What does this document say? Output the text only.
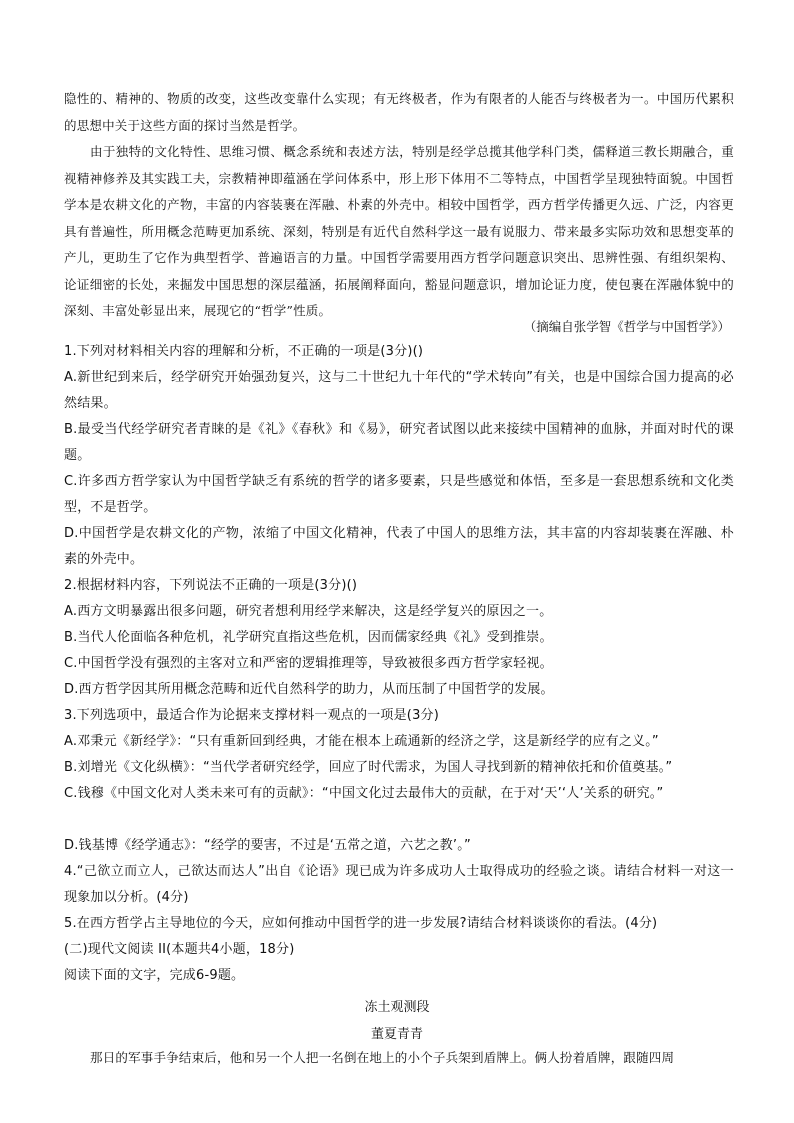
隐性的、精神的、物质的改变，这些改变靠什么实现；有无终极者，作为有限者的人能否与终极者为一。中国历代累积的思想中关于这些方面的探讨当然是哲学。

由于独特的文化特性、思维习惯、概念系统和表述方法，特别是经学总揽其他学科门类，儒释道三教长期融合，重视精神修养及其实践工夫，宗教精神即蕴涵在学问体系中，形上形下体用不二等特点，中国哲学呈现独特面貌。中国哲学本是农耕文化的产物，丰富的内容装裹在浑融、朴素的外壳中。相较中国哲学，西方哲学传播更久远、广泛，内容更具有普遍性，所用概念范畴更加系统、深刻，特别是有近代自然科学这一最有说服力、带来最多实际功效和思想变革的产儿，更助生了它作为典型哲学、普遍语言的力量。中国哲学需要用西方哲学问题意识突出、思辨性强、有组织架构、论证细密的长处，来掘发中国思想的深层蕴涵，拓展阐释面向，豁显问题意识，增加论证力度，使包裹在浑融体貌中的深刻、丰富处彰显出来，展现它的“哲学”性质。

（摘编自张学智《哲学与中国哲学》）

1.下列对材料相关内容的理解和分析，不正确的一项是(3分)()

A.新世纪到来后，经学研究开始强劲复兴，这与二十世纪九十年代的“学术转向”有关，也是中国综合国力提高的必然结果。

B.最受当代经学研究者青睐的是《礼》《春秋》和《易》，研究者试图以此来接续中国精神的血脉，并面对时代的课题。

C.许多西方哲学家认为中国哲学缺乏有系统的哲学的诸多要素，只是些感觉和体悟，至多是一套思想系统和文化类型，不是哲学。

D.中国哲学是农耕文化的产物，浓缩了中国文化精神，代表了中国人的思维方法，其丰富的内容却装裹在浑融、朴素的外壳中。

2.根据材料内容，下列说法不正确的一项是(3分)()

A.西方文明暴露出很多问题，研究者想利用经学来解决，这是经学复兴的原因之一。

B.当代人伦面临各种危机，礼学研究直指这些危机，因而儒家经典《礼》受到推崇。

C.中国哲学没有强烈的主客对立和严密的逻辑推理等，导致被很多西方哲学家轻视。

D.西方哲学因其所用概念范畴和近代自然科学的助力，从而压制了中国哲学的发展。

3.下列选项中，最适合作为论据来支撑材料一观点的一项是(3分)

A.邓秉元《新经学》：“只有重新回到经典，才能在根本上疏通新的经济之学，这是新经学的应有之义。”

B.刘增光《文化纵横》：“当代学者研究经学，回应了时代需求，为国人寻找到新的精神依托和价值奠基。”

C.钱穆《中国文化对人类未来可有的贡献》：“中国文化过去最伟大的贡献，在于对‘天’‘人’关系的研究。”

D.钱基博《经学通志》：“经学的要害，不过是‘五常之道，六艺之教’。”

4.“己欲立而立人，己欲达而达人”出自《论语》现已成为许多成功人士取得成功的经验之谈。请结合材料一对这一现象加以分析。(4分)

5.在西方哲学占主导地位的今天，应如何推动中国哲学的进一步发展?请结合材料谈谈你的看法。(4分)

(二)现代文阅读 II(本题共4小题，18分)

阅读下面的文字，完成6-9题。

冻土观测段
董夏青青

那日的军事手争结束后，他和另一个人把一名倒在地上的小个子兵架到盾牌上。俩人扮着盾牌，跟随四周
